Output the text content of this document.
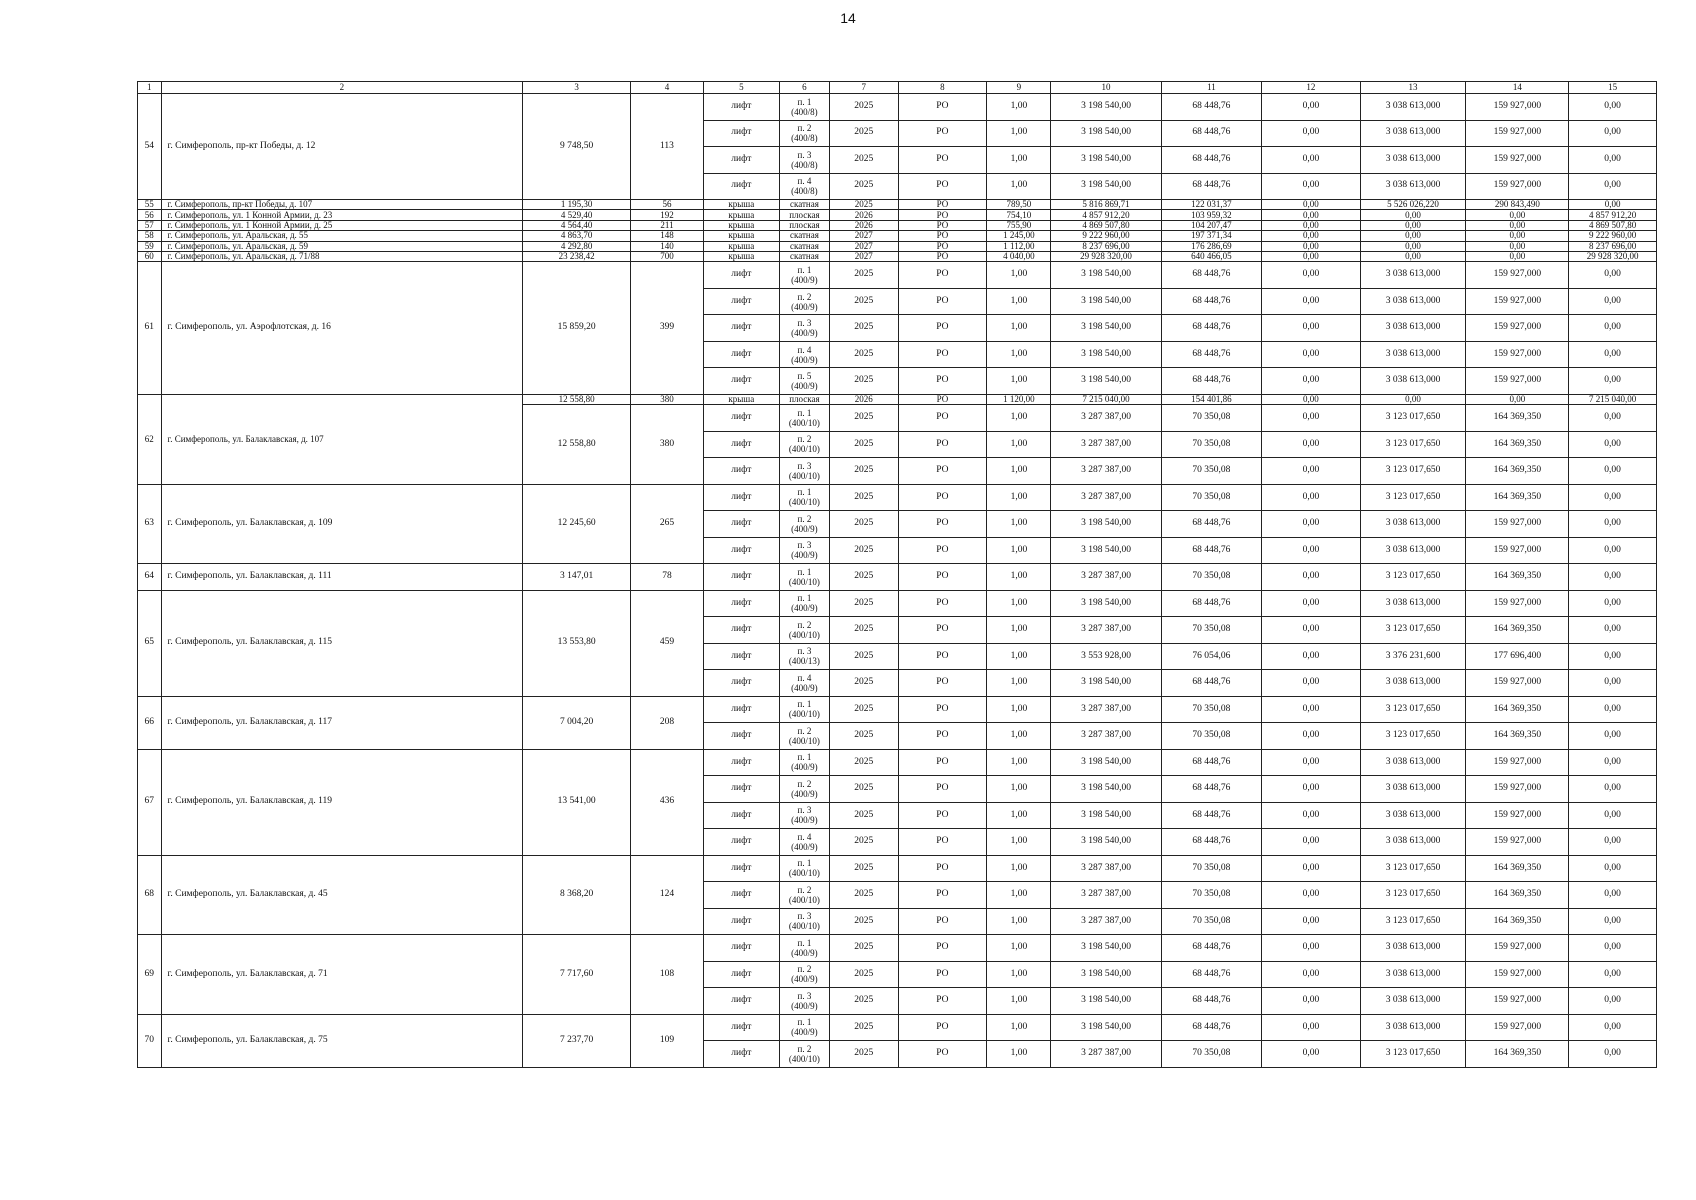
14
1	2	3	4	5	6	7	8	9	10	11	12	13	14	15
54	г. Симферополь, пр-кт Победы, д. 12	9 748,50	113	лифт	п. 1
(400/8)	2025	РО	1,00	3 198 540,00	68 448,76	0,00	3 038 613,000	159 927,000	0,00
				лифт	п. 2
(400/8)	2025	РО	1,00	3 198 540,00	68 448,76	0,00	3 038 613,000	159 927,000	0,00
				лифт	п. 3
(400/8)	2025	РО	1,00	3 198 540,00	68 448,76	0,00	3 038 613,000	159 927,000	0,00
				лифт	п. 4
(400/8)	2025	РО	1,00	3 198 540,00	68 448,76	0,00	3 038 613,000	159 927,000	0,00
55	г. Симферополь, пр-кт Победы, д. 107	1 195,30	56	крыша	скатная	2025	РО	789,50	5 816 869,71	122 031,37	0,00	5 526 026,220	290 843,490	0,00
56	г. Симферополь, ул. 1 Конной Армии, д. 23	4 529,40	192	крыша	плоская	2026	РО	754,10	4 857 912,20	103 959,32	0,00	0,00	0,00	4 857 912,20
57	г. Симферополь, ул. 1 Конной Армии, д. 25	4 564,40	211	крыша	плоская	2026	РО	755,90	4 869 507,80	104 207,47	0,00	0,00	0,00	4 869 507,80
58	г. Симферополь, ул. Аральская, д. 55	4 863,70	148	крыша	скатная	2027	РО	1 245,00	9 222 960,00	197 371,34	0,00	0,00	0,00	9 222 960,00
59	г. Симферополь, ул. Аральская, д. 59	4 292,80	140	крыша	скатная	2027	РО	1 112,00	8 237 696,00	176 286,69	0,00	0,00	0,00	8 237 696,00
60	г. Симферополь, ул. Аральская, д. 71/88	23 238,42	700	крыша	скатная	2027	РО	4 040,00	29 928 320,00	640 466,05	0,00	0,00	0,00	29 928 320,00
61	г. Симферополь, ул. Аэрофлотская, д. 16	15 859,20	399	лифт	п. 1
(400/9)	2025	РО	1,00	3 198 540,00	68 448,76	0,00	3 038 613,000	159 927,000	0,00
				лифт	п. 2
(400/9)	2025	РО	1,00	3 198 540,00	68 448,76	0,00	3 038 613,000	159 927,000	0,00
				лифт	п. 3
(400/9)	2025	РО	1,00	3 198 540,00	68 448,76	0,00	3 038 613,000	159 927,000	0,00
				лифт	п. 4
(400/9)	2025	РО	1,00	3 198 540,00	68 448,76	0,00	3 038 613,000	159 927,000	0,00
				лифт	п. 5
(400/9)	2025	РО	1,00	3 198 540,00	68 448,76	0,00	3 038 613,000	159 927,000	0,00
62	г. Симферополь, ул. Балаклавская, д. 107	12 558,80	380	крыша	плоская	2026	РО	1 120,00	7 215 040,00	154 401,86	0,00	0,00	0,00	7 215 040,00
		12 558,80	380	лифт	п. 1
(400/10)	2025	РО	1,00	3 287 387,00	70 350,08	0,00	3 123 017,650	164 369,350	0,00
				лифт	п. 2
(400/10)	2025	РО	1,00	3 287 387,00	70 350,08	0,00	3 123 017,650	164 369,350	0,00
				лифт	п. 3
(400/10)	2025	РО	1,00	3 287 387,00	70 350,08	0,00	3 123 017,650	164 369,350	0,00
63	г. Симферополь, ул. Балаклавская, д. 109	12 245,60	265	лифт	п. 1
(400/10)	2025	РО	1,00	3 287 387,00	70 350,08	0,00	3 123 017,650	164 369,350	0,00
				лифт	п. 2
(400/9)	2025	РО	1,00	3 198 540,00	68 448,76	0,00	3 038 613,000	159 927,000	0,00
				лифт	п. 3
(400/9)	2025	РО	1,00	3 198 540,00	68 448,76	0,00	3 038 613,000	159 927,000	0,00
64	г. Симферополь, ул. Балаклавская, д. 111	3 147,01	78	лифт	п. 1
(400/10)	2025	РО	1,00	3 287 387,00	70 350,08	0,00	3 123 017,650	164 369,350	0,00
65	г. Симферополь, ул. Балаклавская, д. 115	13 553,80	459	лифт	п. 1
(400/9)	2025	РО	1,00	3 198 540,00	68 448,76	0,00	3 038 613,000	159 927,000	0,00
				лифт	п. 2
(400/10)	2025	РО	1,00	3 287 387,00	70 350,08	0,00	3 123 017,650	164 369,350	0,00
				лифт	п. 3
(400/13)	2025	РО	1,00	3 553 928,00	76 054,06	0,00	3 376 231,600	177 696,400	0,00
				лифт	п. 4
(400/9)	2025	РО	1,00	3 198 540,00	68 448,76	0,00	3 038 613,000	159 927,000	0,00
66	г. Симферополь, ул. Балаклавская, д. 117	7 004,20	208	лифт	п. 1
(400/10)	2025	РО	1,00	3 287 387,00	70 350,08	0,00	3 123 017,650	164 369,350	0,00
				лифт	п. 2
(400/10)	2025	РО	1,00	3 287 387,00	70 350,08	0,00	3 123 017,650	164 369,350	0,00
67	г. Симферополь, ул. Балаклавская, д. 119	13 541,00	436	лифт	п. 1
(400/9)	2025	РО	1,00	3 198 540,00	68 448,76	0,00	3 038 613,000	159 927,000	0,00
				лифт	п. 2
(400/9)	2025	РО	1,00	3 198 540,00	68 448,76	0,00	3 038 613,000	159 927,000	0,00
				лифт	п. 3
(400/9)	2025	РО	1,00	3 198 540,00	68 448,76	0,00	3 038 613,000	159 927,000	0,00
				лифт	п. 4
(400/9)	2025	РО	1,00	3 198 540,00	68 448,76	0,00	3 038 613,000	159 927,000	0,00
68	г. Симферополь, ул. Балаклавская, д. 45	8 368,20	124	лифт	п. 1
(400/10)	2025	РО	1,00	3 287 387,00	70 350,08	0,00	3 123 017,650	164 369,350	0,00
				лифт	п. 2
(400/10)	2025	РО	1,00	3 287 387,00	70 350,08	0,00	3 123 017,650	164 369,350	0,00
				лифт	п. 3
(400/10)	2025	РО	1,00	3 287 387,00	70 350,08	0,00	3 123 017,650	164 369,350	0,00
69	г. Симферополь, ул. Балаклавская, д. 71	7 717,60	108	лифт	п. 1
(400/9)	2025	РО	1,00	3 198 540,00	68 448,76	0,00	3 038 613,000	159 927,000	0,00
				лифт	п. 2
(400/9)	2025	РО	1,00	3 198 540,00	68 448,76	0,00	3 038 613,000	159 927,000	0,00
				лифт	п. 3
(400/9)	2025	РО	1,00	3 198 540,00	68 448,76	0,00	3 038 613,000	159 927,000	0,00
70	г. Симферополь, ул. Балаклавская, д. 75	7 237,70	109	лифт	п. 1
(400/9)	2025	РО	1,00	3 198 540,00	68 448,76	0,00	3 038 613,000	159 927,000	0,00
				лифт	п. 2
(400/10)	2025	РО	1,00	3 287 387,00	70 350,08	0,00	3 123 017,650	164 369,350	0,00
